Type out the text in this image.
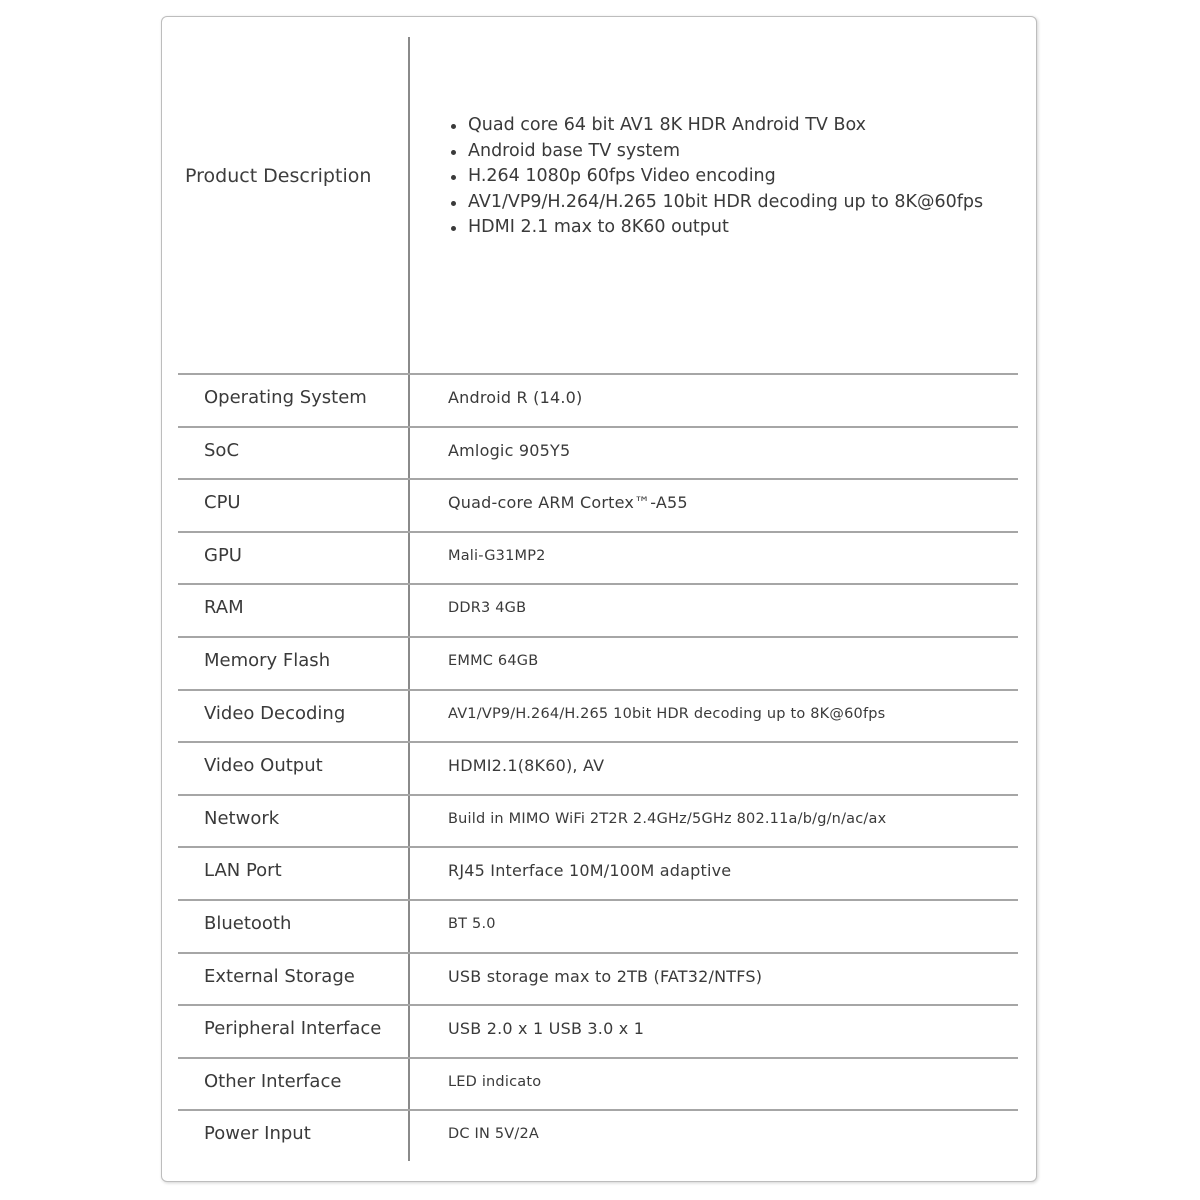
Product Description
Quad core 64 bit AV1 8K HDR Android TV Box
Android base TV system
H.264 1080p 60fps Video encoding
AV1/VP9/H.264/H.265 10bit HDR decoding up to 8K@60fps
HDMI 2.1 max to 8K60 output
Operating System	Android R (14.0)
SoC	Amlogic 905Y5
CPU	Quad-core ARM Cortex™-A55
GPU	Mali-G31MP2
RAM	DDR3 4GB
Memory Flash	EMMC 64GB
Video Decoding	AV1/VP9/H.264/H.265 10bit HDR decoding up to 8K@60fps
Video Output	HDMI2.1(8K60), AV
Network	Build in MIMO WiFi 2T2R 2.4GHz/5GHz 802.11a/b/g/n/ac/ax
LAN Port	RJ45 Interface 10M/100M adaptive
Bluetooth	BT 5.0
External Storage	USB storage max to 2TB (FAT32/NTFS)
Peripheral Interface	USB 2.0 x 1 USB 3.0 x 1
Other Interface	LED indicato
Power Input	DC IN 5V/2A
